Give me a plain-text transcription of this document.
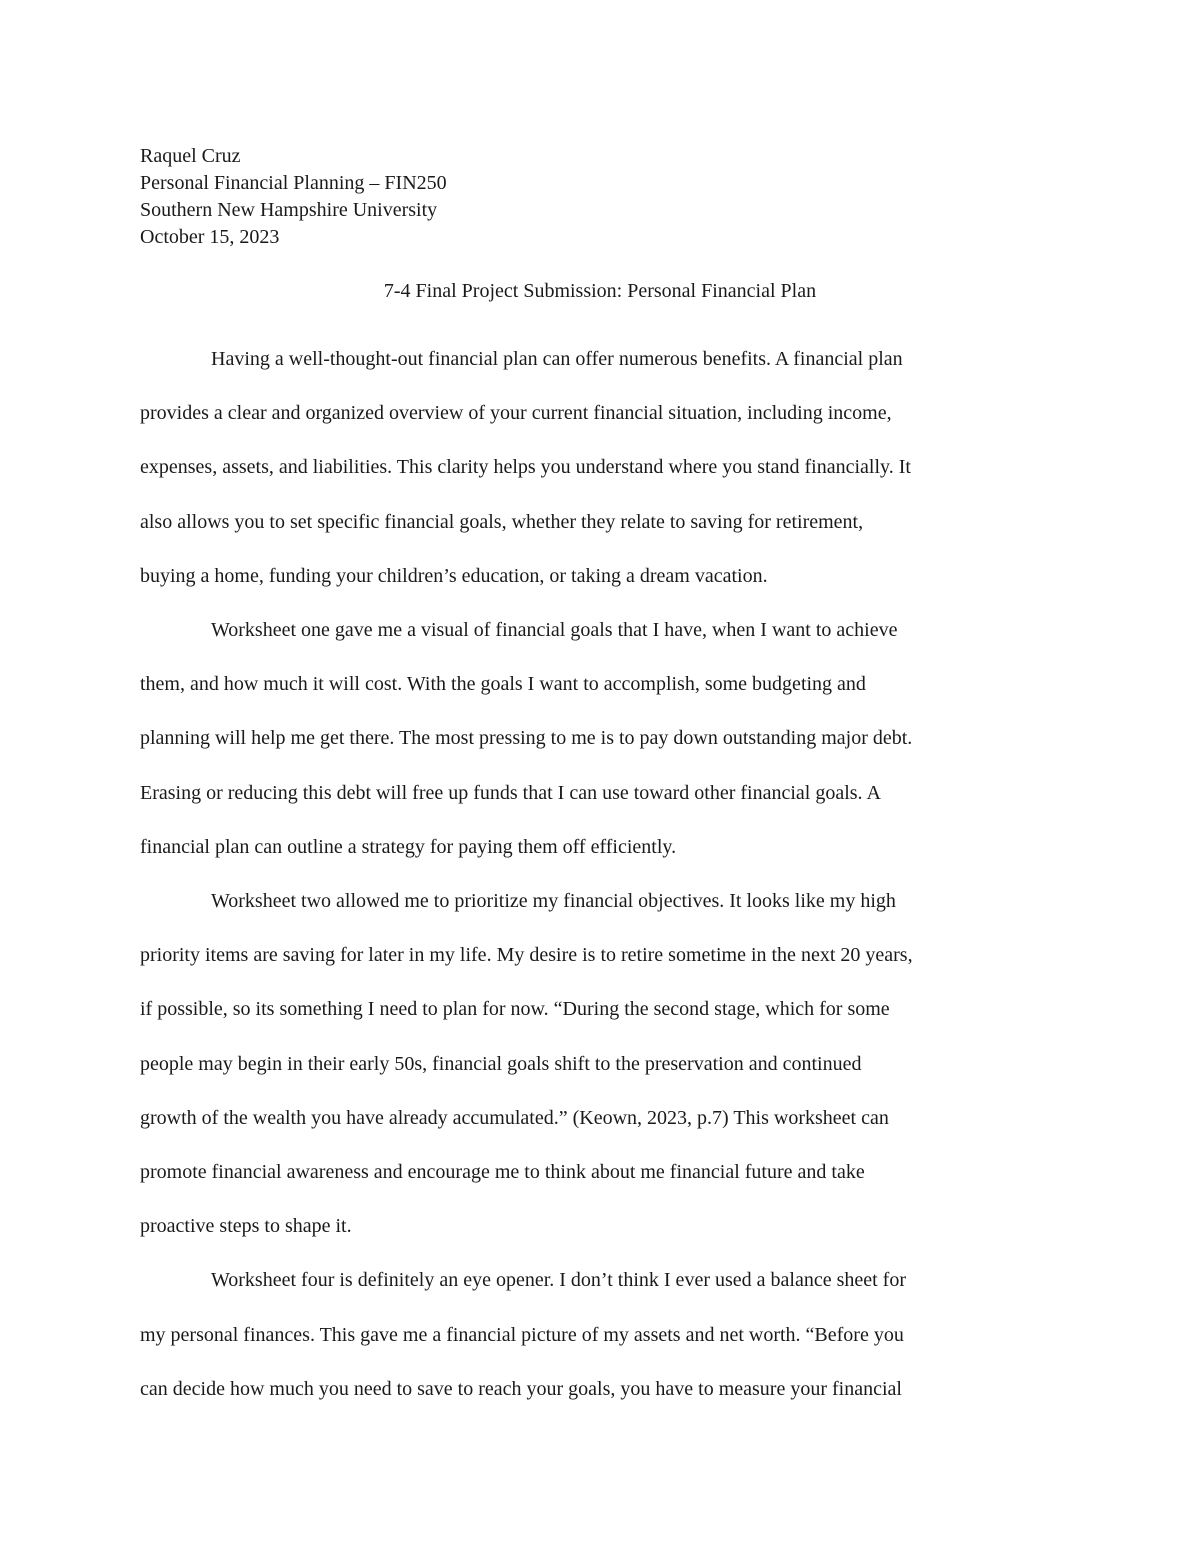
Raquel Cruz
Personal Financial Planning – FIN250
Southern New Hampshire University
October 15, 2023
7-4 Final Project Submission: Personal Financial Plan
Having a well-thought-out financial plan can offer numerous benefits. A financial plan
provides a clear and organized overview of your current financial situation, including income,
expenses, assets, and liabilities. This clarity helps you understand where you stand financially. It
also allows you to set specific financial goals, whether they relate to saving for retirement,
buying a home, funding your children’s education, or taking a dream vacation.
Worksheet one gave me a visual of financial goals that I have, when I want to achieve
them, and how much it will cost. With the goals I want to accomplish, some budgeting and
planning will help me get there. The most pressing to me is to pay down outstanding major debt.
Erasing or reducing this debt will free up funds that I can use toward other financial goals. A
financial plan can outline a strategy for paying them off efficiently.
Worksheet two allowed me to prioritize my financial objectives. It looks like my high
priority items are saving for later in my life. My desire is to retire sometime in the next 20 years,
if possible, so its something I need to plan for now. “During the second stage, which for some
people may begin in their early 50s, financial goals shift to the preservation and continued
growth of the wealth you have already accumulated.” (Keown, 2023, p.7) This worksheet can
promote financial awareness and encourage me to think about me financial future and take
proactive steps to shape it.
Worksheet four is definitely an eye opener. I don’t think I ever used a balance sheet for
my personal finances. This gave me a financial picture of my assets and net worth. “Before you
can decide how much you need to save to reach your goals, you have to measure your financial
